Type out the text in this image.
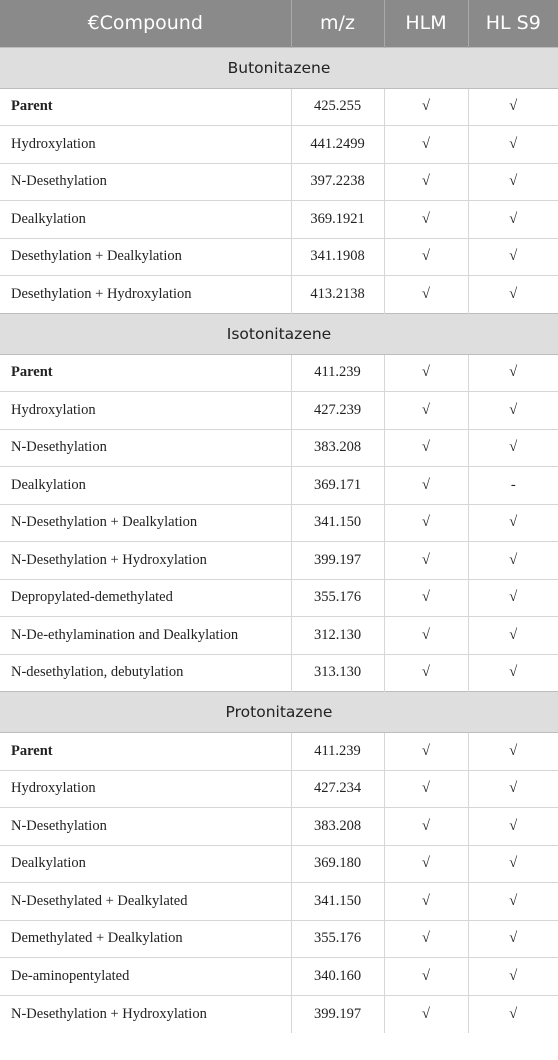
€Compound	m/z	HLM	HL S9
Butonitazene			
Parent	425.255	√	√
Hydroxylation	441.2499	√	√
N-Desethylation	397.2238	√	√
Dealkylation	369.1921	√	√
Desethylation + Dealkylation	341.1908	√	√
Desethylation + Hydroxylation	413.2138	√	√
Isotonitazene			
Parent	411.239	√	√
Hydroxylation	427.239	√	√
N-Desethylation	383.208	√	√
Dealkylation	369.171	√	-
N-Desethylation + Dealkylation	341.150	√	√
N-Desethylation + Hydroxylation	399.197	√	√
Depropylated-demethylated	355.176	√	√
N-De-ethylamination and Dealkylation	312.130	√	√
N-desethylation, debutylation	313.130	√	√
Protonitazene			
Parent	411.239	√	√
Hydroxylation	427.234	√	√
N-Desethylation	383.208	√	√
Dealkylation	369.180	√	√
N-Desethylated + Dealkylated	341.150	√	√
Demethylated + Dealkylation	355.176	√	√
De-aminopentylated	340.160	√	√
N-Desethylation + Hydroxylation	399.197	√	√
